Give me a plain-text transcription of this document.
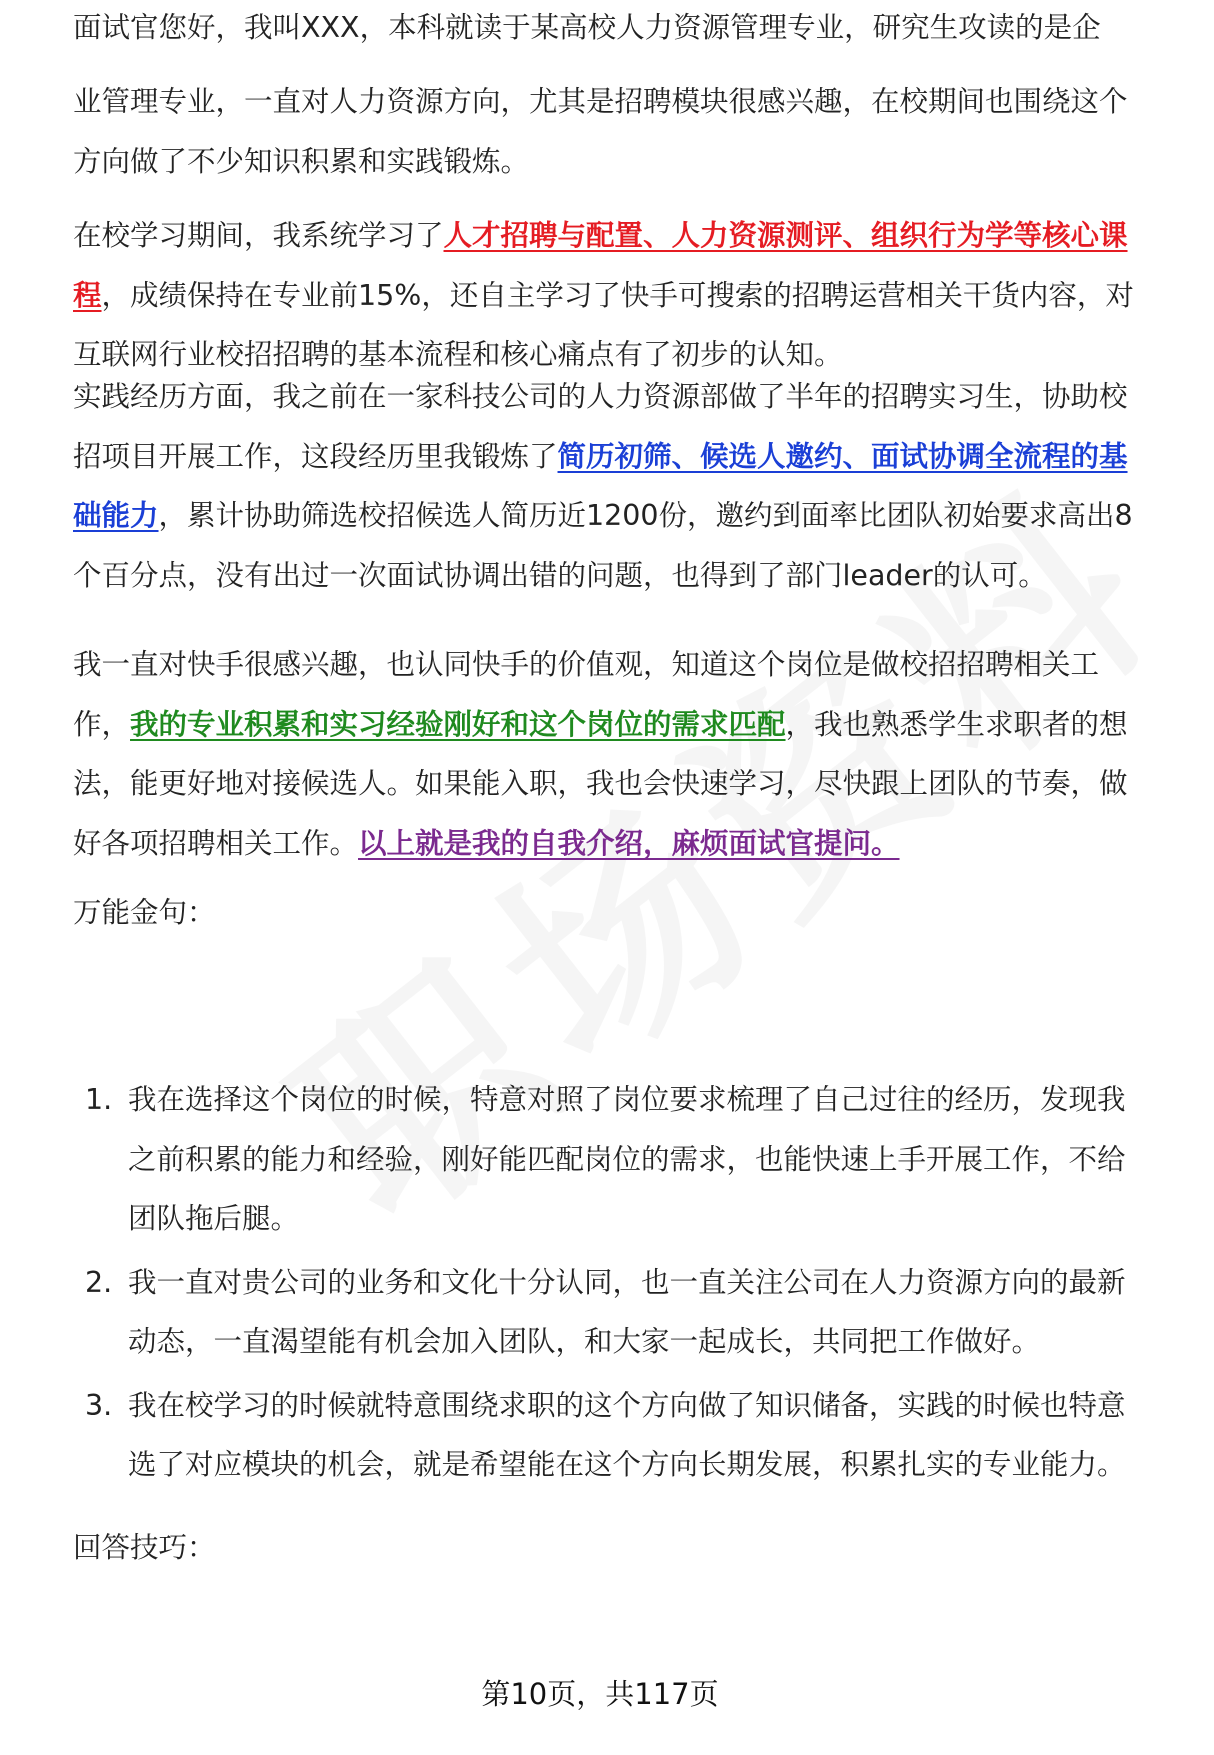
面试官您好，我叫XXX，本科就读于某高校人力资源管理专业，研究生攻读的是企

业管理专业，一直对人力资源方向，尤其是招聘模块很感兴趣，在校期间也围绕这个方向做了不少知识积累和实践锻炼。

在校学习期间，我系统学习了人才招聘与配置、人力资源测评、组织行为学等核心课程，成绩保持在专业前15%，还自主学习了快手可搜索的招聘运营相关干货内容，对互联网行业校招招聘的基本流程和核心痛点有了初步的认知。

实践经历方面，我之前在一家科技公司的人力资源部做了半年的招聘实习生，协助校招项目开展工作，这段经历里我锻炼了简历初筛、候选人邀约、面试协调全流程的基础能力，累计协助筛选校招候选人简历近1200份，邀约到面率比团队初始要求高出8个百分点，没有出过一次面试协调出错的问题，也得到了部门leader的认可。

我一直对快手很感兴趣，也认同快手的价值观，知道这个岗位是做校招招聘相关工作，我的专业积累和实习经验刚好和这个岗位的需求匹配，我也熟悉学生求职者的想法，能更好地对接候选人。如果能入职，我也会快速学习，尽快跟上团队的节奏，做好各项招聘相关工作。以上就是我的自我介绍，麻烦面试官提问。

万能金句：

1. 我在选择这个岗位的时候，特意对照了岗位要求梳理了自己过往的经历，发现我之前积累的能力和经验，刚好能匹配岗位的需求，也能快速上手开展工作，不给团队拖后腿。
2. 我一直对贵公司的业务和文化十分认同，也一直关注公司在人力资源方向的最新动态，一直渴望能有机会加入团队，和大家一起成长，共同把工作做好。
3. 我在校学习的时候就特意围绕求职的这个方向做了知识储备，实践的时候也特意选了对应模块的机会，就是希望能在这个方向长期发展，积累扎实的专业能力。

回答技巧：

第10页，共117页
